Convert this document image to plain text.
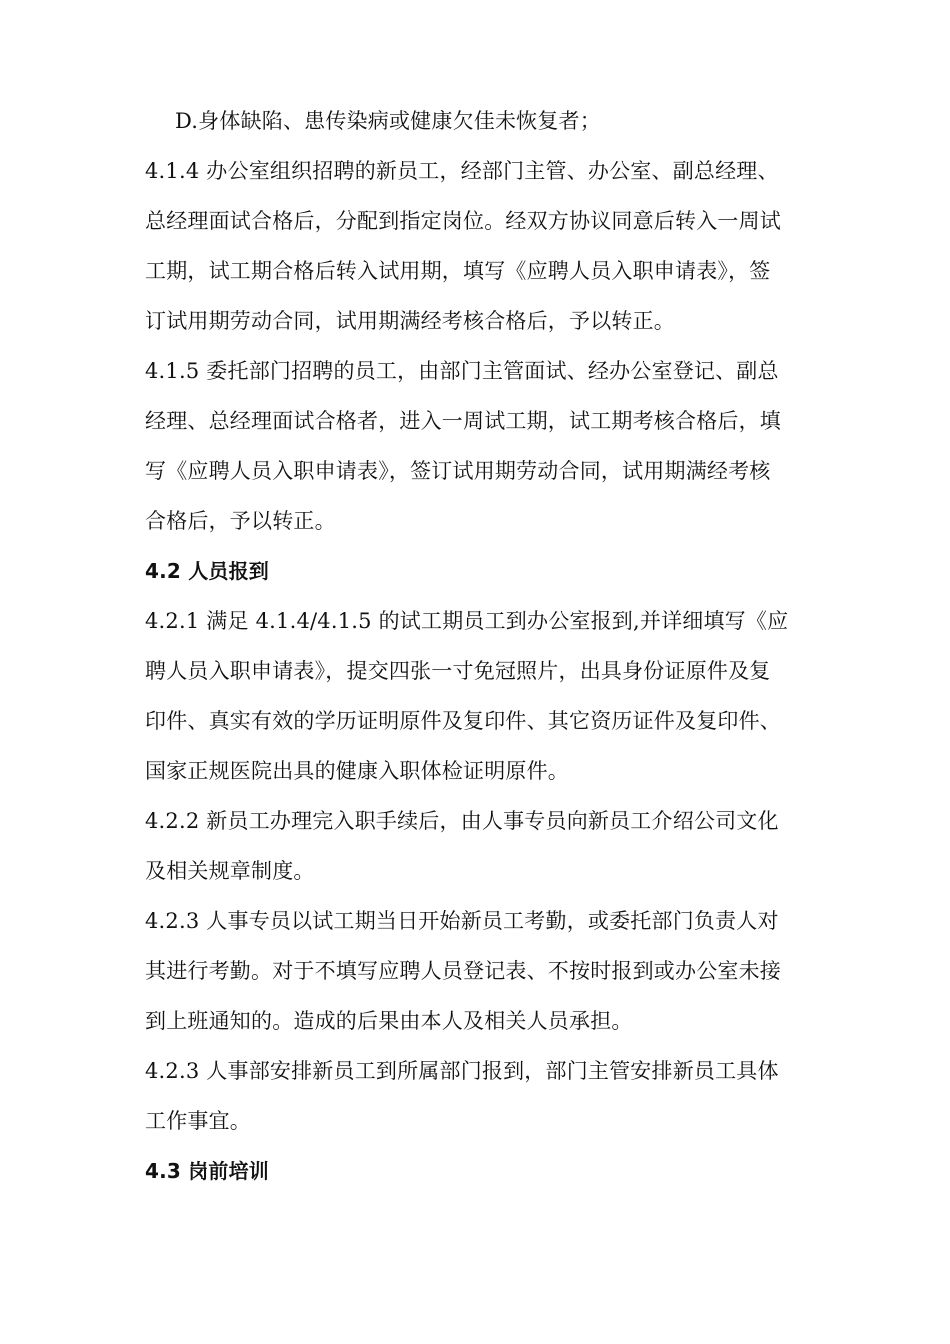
D.身体缺陷、患传染病或健康欠佳未恢复者；
4.1.4 办公室组织招聘的新员工，经部门主管、办公室、副总经理、
总经理面试合格后，分配到指定岗位。经双方协议同意后转入一周试
工期，试工期合格后转入试用期，填写《应聘人员入职申请表》，签
订试用期劳动合同，试用期满经考核合格后，予以转正。
4.1.5 委托部门招聘的员工，由部门主管面试、经办公室登记、副总
经理、总经理面试合格者，进入一周试工期，试工期考核合格后，填
写《应聘人员入职申请表》，签订试用期劳动合同，试用期满经考核
合格后，予以转正。
4.2 人员报到
4.2.1 满足 4.1.4/4.1.5 的试工期员工到办公室报到,并详细填写《应
聘人员入职申请表》，提交四张一寸免冠照片，出具身份证原件及复
印件、真实有效的学历证明原件及复印件、其它资历证件及复印件、
国家正规医院出具的健康入职体检证明原件。
4.2.2 新员工办理完入职手续后，由人事专员向新员工介绍公司文化
及相关规章制度。
4.2.3 人事专员以试工期当日开始新员工考勤，或委托部门负责人对
其进行考勤。对于不填写应聘人员登记表、不按时报到或办公室未接
到上班通知的。造成的后果由本人及相关人员承担。
4.2.3 人事部安排新员工到所属部门报到，部门主管安排新员工具体
工作事宜。
4.3 岗前培训
